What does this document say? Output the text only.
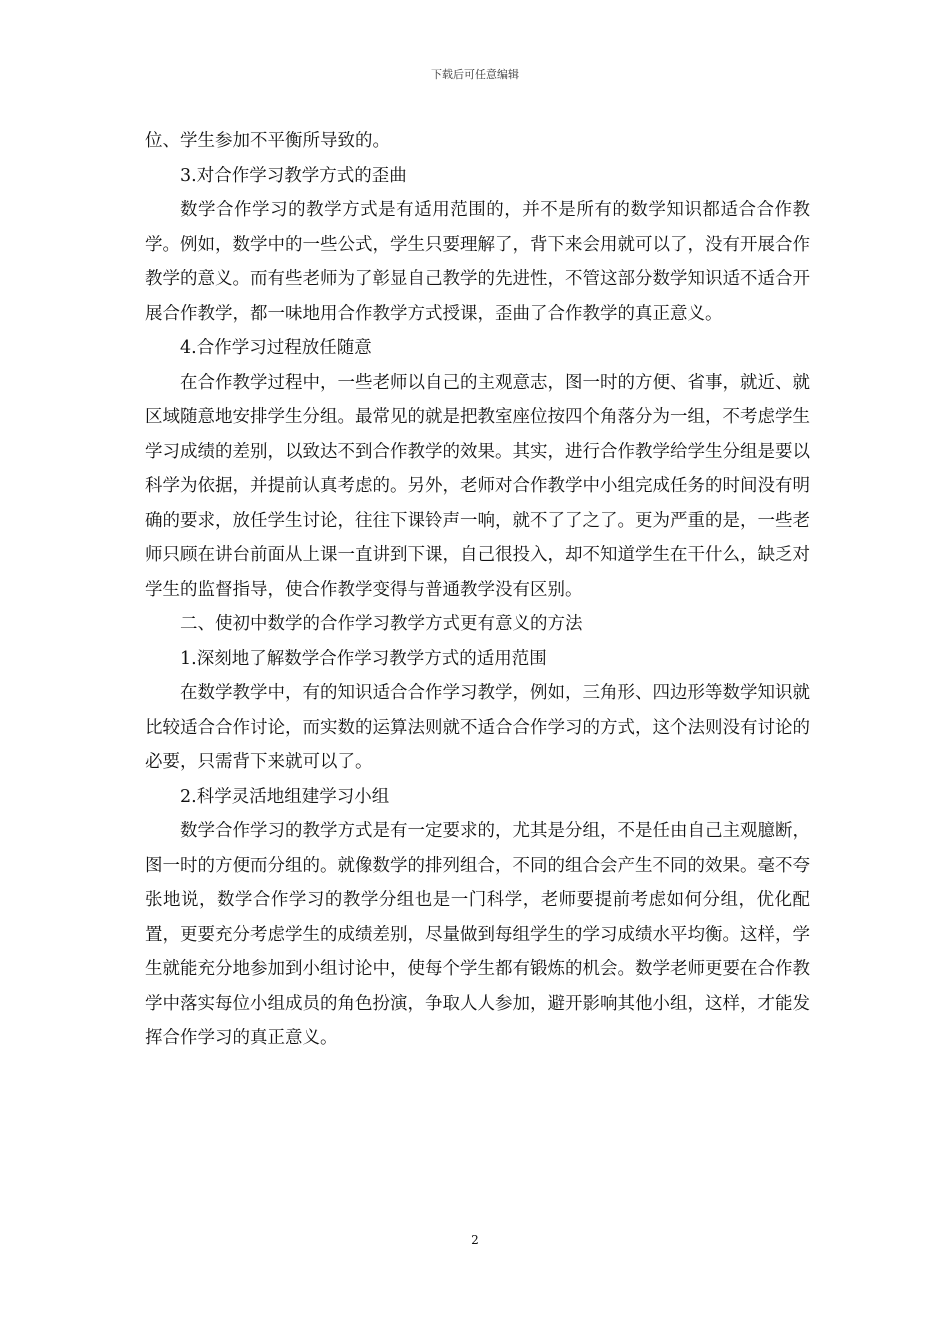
下载后可任意编辑

位、学生参加不平衡所导致的。

3.对合作学习教学方式的歪曲

数学合作学习的教学方式是有适用范围的，并不是所有的数学知识都适合合作教学。例如，数学中的一些公式，学生只要理解了，背下来会用就可以了，没有开展合作教学的意义。而有些老师为了彰显自己教学的先进性，不管这部分数学知识适不适合开展合作教学，都一味地用合作教学方式授课，歪曲了合作教学的真正意义。

4.合作学习过程放任随意

在合作教学过程中，一些老师以自己的主观意志，图一时的方便、省事，就近、就区域随意地安排学生分组。最常见的就是把教室座位按四个角落分为一组，不考虑学生学习成绩的差别，以致达不到合作教学的效果。其实，进行合作教学给学生分组是要以科学为依据，并提前认真考虑的。另外，老师对合作教学中小组完成任务的时间没有明确的要求，放任学生讨论，往往下课铃声一响，就不了了之了。更为严重的是，一些老师只顾在讲台前面从上课一直讲到下课，自己很投入，却不知道学生在干什么，缺乏对学生的监督指导，使合作教学变得与普通教学没有区别。

二、使初中数学的合作学习教学方式更有意义的方法

1.深刻地了解数学合作学习教学方式的适用范围

在数学教学中，有的知识适合合作学习教学，例如，三角形、四边形等数学知识就比较适合合作讨论，而实数的运算法则就不适合合作学习的方式，这个法则没有讨论的必要，只需背下来就可以了。

2.科学灵活地组建学习小组

数学合作学习的教学方式是有一定要求的，尤其是分组，不是任由自己主观臆断，图一时的方便而分组的。就像数学的排列组合，不同的组合会产生不同的效果。毫不夸张地说，数学合作学习的教学分组也是一门科学，老师要提前考虑如何分组，优化配置，更要充分考虑学生的成绩差别，尽量做到每组学生的学习成绩水平均衡。这样，学生就能充分地参加到小组讨论中，使每个学生都有锻炼的机会。数学老师更要在合作教学中落实每位小组成员的角色扮演，争取人人参加，避开影响其他小组，这样，才能发挥合作学习的真正意义。

2
